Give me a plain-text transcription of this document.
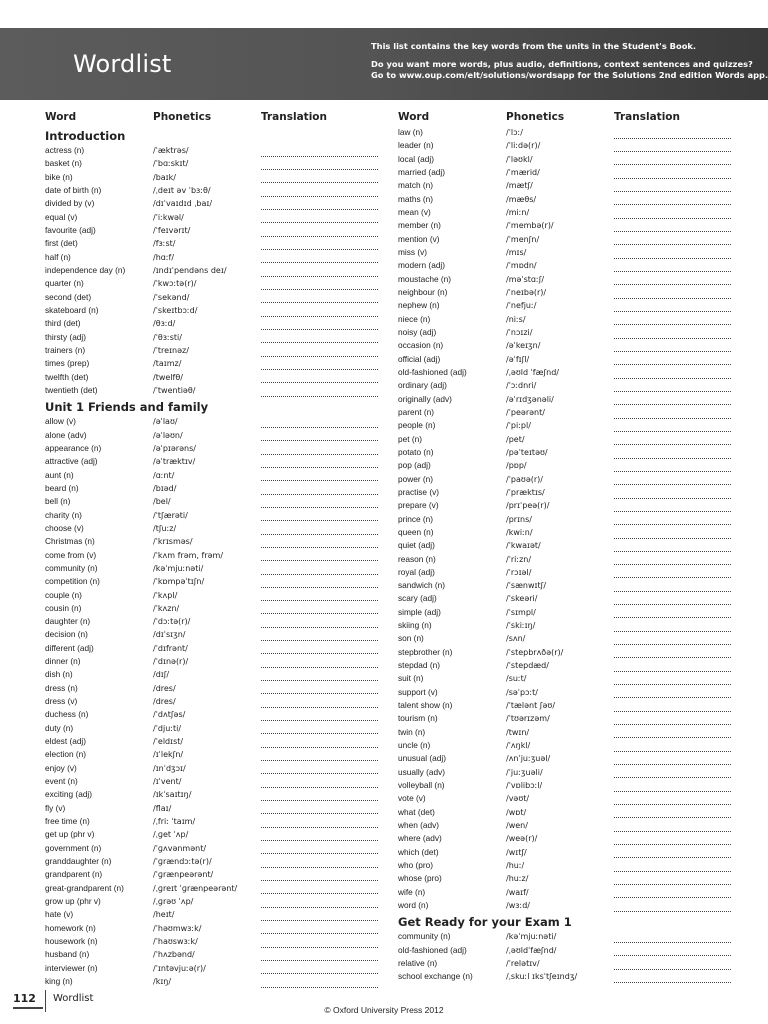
Wordlist
This list contains the key words from the units in the Student's Book.
Do you want more words, plus audio, definitions, context sentences and quizzes?
Go to www.oup.com/elt/solutions/wordsapp for the Solutions 2nd edition Words app.
Word	Phonetics	Translation	Word	Phonetics	Translation
Introduction
actress (n)	/ˈæktrəs/
basket (n)	/ˈbɑːskɪt/
bike (n)	/baɪk/
date of birth (n)	/ˌdeɪt əv ˈbɜːθ/
divided by (v)	/dɪˈvaɪdɪd ˌbaɪ/
equal (v)	/ˈiːkwəl/
favourite (adj)	/ˈfeɪvərɪt/
first (det)	/fɜːst/
half (n)	/hɑːf/
independence day (n)	/ɪndɪˈpendəns deɪ/
quarter (n)	/ˈkwɔːtə(r)/
second (det)	/ˈsekənd/
skateboard (n)	/ˈskeɪtbɔːd/
third (det)	/θɜːd/
thirsty (adj)	/ˈθɜːsti/
trainers (n)	/ˈtreɪnəz/
times (prep)	/taɪmz/
twelfth (det)	/twelfθ/
twentieth (det)	/ˈtwentiəθ/
Unit 1 Friends and family
allow (v)	/əˈlaʊ/
alone (adv)	/əˈləʊn/
appearance (n)	/əˈpɪərəns/
attractive (adj)	/əˈtræktɪv/
aunt (n)	/ɑːnt/
beard (n)	/bɪəd/
bell (n)	/bel/
charity (n)	/ˈtʃærəti/
choose (v)	/tʃuːz/
Christmas (n)	/ˈkrɪsməs/
come from (v)	/ˈkʌm frəm, frəm/
community (n)	/kəˈmjuːnəti/
competition (n)	/ˈkɒmpəˈtɪʃn/
couple (n)	/ˈkʌpl/
cousin (n)	/ˈkʌzn/
daughter (n)	/ˈdɔːtə(r)/
decision (n)	/dɪˈsɪʒn/
different (adj)	/ˈdɪfrənt/
dinner (n)	/ˈdɪnə(r)/
dish (n)	/dɪʃ/
dress (n)	/dres/
dress (v)	/dres/
duchess (n)	/ˈdʌtʃəs/
duty (n)	/ˈdjuːti/
eldest (adj)	/ˈeldɪst/
election (n)	/ɪˈlekʃn/
enjoy (v)	/ɪnˈdʒɔɪ/
event (n)	/ɪˈvent/
exciting (adj)	/ɪkˈsaɪtɪŋ/
fly (v)	/flaɪ/
free time (n)	/ˌfriː ˈtaɪm/
get up (phr v)	/ˌɡet ˈʌp/
government (n)	/ˈɡʌvənmənt/
granddaughter (n)	/ˈɡrændɔːtə(r)/
grandparent (n)	/ˈɡrænpeərənt/
great-grandparent (n)	/ˌɡreɪt ˈɡrænpeərənt/
grow up (phr v)	/ˌɡrəʊ ˈʌp/
hate (v)	/heɪt/
homework (n)	/ˈhəʊmwɜːk/
housework (n)	/ˈhaʊswɜːk/
husband (n)	/ˈhʌzbənd/
interviewer (n)	/ˈɪntəvjuːə(r)/
king (n)	/kɪŋ/
law (n)	/ˈlɔː/
leader (n)	/ˈliːdə(r)/
local (adj)	/ˈləʊkl/
married (adj)	/ˈmærid/
match (n)	/mætʃ/
maths (n)	/mæθs/
mean (v)	/miːn/
member (n)	/ˈmembə(r)/
mention (v)	/ˈmenʃn/
miss (v)	/mɪs/
modern (adj)	/ˈmɒdn/
moustache (n)	/məˈstɑːʃ/
neighbour (n)	/ˈneɪbə(r)/
nephew (n)	/ˈnefjuː/
niece (n)	/niːs/
noisy (adj)	/ˈnɔɪzi/
occasion (n)	/əˈkeɪʒn/
official (adj)	/əˈfɪʃl/
old-fashioned (adj)	/ˌəʊld ˈfæʃnd/
ordinary (adj)	/ˈɔːdnri/
originally (adv)	/əˈrɪdʒənəli/
parent (n)	/ˈpeərənt/
people (n)	/ˈpiːpl/
pet (n)	/pet/
potato (n)	/pəˈteɪtəʊ/
pop (adj)	/pɒp/
power (n)	/ˈpaʊə(r)/
practise (v)	/ˈpræktɪs/
prepare (v)	/prɪˈpeə(r)/
prince (n)	/prɪns/
queen (n)	/kwiːn/
quiet (adj)	/ˈkwaɪət/
reason (n)	/ˈriːzn/
royal (adj)	/ˈrɔɪəl/
sandwich (n)	/ˈsænwɪtʃ/
scary (adj)	/ˈskeəri/
simple (adj)	/ˈsɪmpl/
skiing (n)	/ˈskiːɪŋ/
son (n)	/sʌn/
stepbrother (n)	/ˈstepbrʌðə(r)/
stepdad (n)	/ˈstepdæd/
suit (n)	/suːt/
support (v)	/səˈpɔːt/
talent show (n)	/ˈtælənt ʃəʊ/
tourism (n)	/ˈtʊərɪzəm/
twin (n)	/twɪn/
uncle (n)	/ˈʌŋkl/
unusual (adj)	/ʌnˈjuːʒuəl/
usually (adv)	/ˈjuːʒuəli/
volleyball (n)	/ˈvɒlibɔːl/
vote (v)	/vəʊt/
what (det)	/wɒt/
when (adv)	/wen/
where (adv)	/weə(r)/
which (det)	/wɪtʃ/
who (pro)	/huː/
whose (pro)	/huːz/
wife (n)	/waɪf/
word (n)	/wɜːd/
Get Ready for your Exam 1
community (n)	/kəˈmjuːnəti/
old-fashioned (adj)	/ˌəʊldˈfæʃnd/
relative (n)	/ˈrelətɪv/
school exchange (n)	/ˌskuːl ɪksˈtʃeɪndʒ/
112 Wordlist
© Oxford University Press 2012
